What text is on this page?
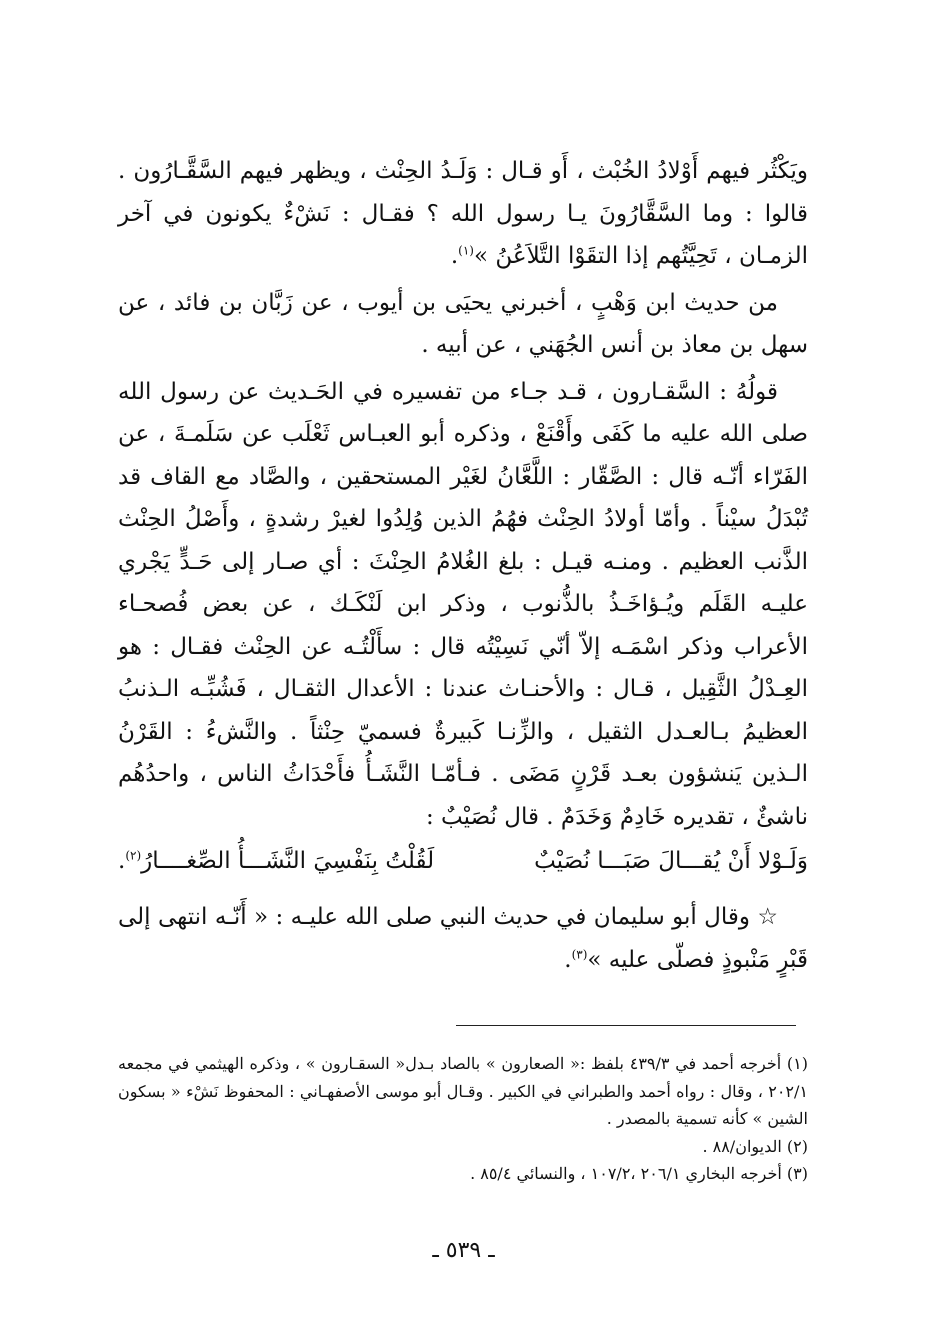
ويَكْثُر فيهم أَوْلادُ الخُبْث ، أَو قـال : وَلَـدُ الحِنْث ، ويظهر فيهم السَّقَّـارُون . قالوا : وما السَّقَّارُونَ يـا رسول الله ؟ فقـال : نَشْءٌ يكونون في آخر الزمـان ، تَحِيَّتُهم إذا التقَوْا التَّلاَعُنُ »$^{(١)}$.

من حديث ابن وَهْبٍ ، أخبرني يحيَى بن أيوب ، عن زَبَّان بن فائد ، عن سهل بن معاذ بن أنس الجُهَني ، عن أبيه .

قولُهُ : السَّقـارون ، قـد جـاء من تفسيره في الحَـديث عن رسول الله صلى الله عليه ما كَفَى وأَقْنَعْ ، وذكره أبو العبـاس ثَعْلَب عن سَلَمـةَ ، عن الفَرّاء أنّـه قال : الصَّقّار : اللَّعَّانُ لغَيْر المستحقين ، والصَّاد مع القاف قد تُبْدَلُ سيْناً . وأمّا أولادُ الحِنْث فهُمُ الذين وُلِدُوا لغيرْ رشدةٍ ، وأَصْلُ الحِنْث الذَّنب العظيم . ومنـه قيـل : بلغ الغُلامُ الحِنْثَ : أي صـار إلى حَـدٍّ يَجْري عليـه القَلَم ويُـؤاخَـذُ بالذُّنوب ، وذكر ابن لَنْكَـك ، عن بعض فُصحـاء الأعراب وذكر اسْمَـه إلاّ أنّي نَسِيْتُه قال : سأَلْتُـه عن الحِنْث فقـال : هو العِـدْلُ الثَّقِيل ، قـال : والأحنـاث عندنا : الأعدال الثقـال ، فَشُبِّـه الـذنبُ العظيمُ بـالعـدل الثقيل ، والزِّنـا كَبيرةٌ فسميّ حِنْثاً . والنَّشءُ : القَرْنُ الـذين يَنشؤون بعـد قَرْنٍ مَضَى . فـأمّـا النَّشَـأُ فأَحْدَاثُ الناس ، واحدُهُم ناشئٌ ، تقديره خَادِمٌ وَخَدَمٌ . قال نُصَيْبٌ :

وَلَـوْلا أَنْ يُقـــالَ صَبَـــا نُصَيْبٌ
لَقُلْتُ بِنَفْسِيَ النَّشَـــأُ الصِّغــــارُ$^{(٢)}$.

☆ وقال أبو سليمان في حديث النبي صلى الله عليـه : « أَنّـه انتهى إلى قَبْرٍ مَنْبوذٍ فصلّى عليه »$^{(٣)}$.

(١) أخرجه أحمد في ٤٣٩/٣ بلفظ :« الصعارون » بالصاد بـدل« السقـارون » ، وذكره الهيثمي في مجمعه ٢٠٢/١ ، وقال : رواه أحمد والطبراني في الكبير . وقـال أبو موسى الأصفهـاني : المحفوظ نَشْء « بسكون الشين » كأنه تسمية بالمصدر .

(٢) الديوان/٨٨ .

(٣) أخرجه البخاري ٢٠٦/١ ،١٠٧/٢ ، والنسائي ٨٥/٤ .

ـ ٥٣٩ ـ
